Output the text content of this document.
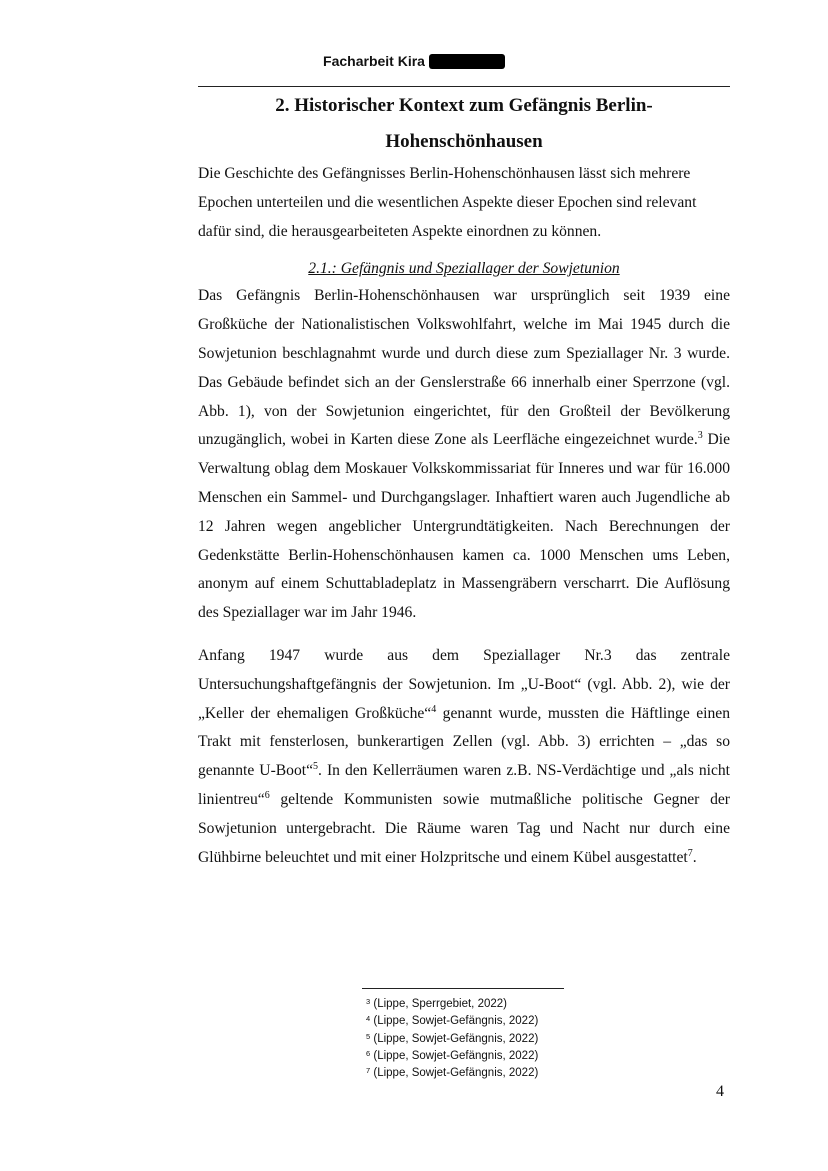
Facharbeit Kira
2. Historischer Kontext zum Gefängnis Berlin-
Hohenschönhausen

Die Geschichte des Gefängnisses Berlin-Hohenschönhausen lässt sich mehrere Epochen unterteilen und die wesentlichen Aspekte dieser Epochen sind relevant dafür sind, die herausgearbeiteten Aspekte einordnen zu können.

2.1.: Gefängnis und Speziallager der Sowjetunion

Das Gefängnis Berlin-Hohenschönhausen war ursprünglich seit 1939 eine Großküche der Nationalistischen Volkswohlfahrt, welche im Mai 1945 durch die Sowjetunion beschlagnahmt wurde und durch diese zum Speziallager Nr. 3 wurde. Das Gebäude befindet sich an der Genslerstraße 66 innerhalb einer Sperrzone (vgl. Abb. 1), von der Sowjetunion eingerichtet, für den Großteil der Bevölkerung unzugänglich, wobei in Karten diese Zone als Leerfläche eingezeichnet wurde.$^3$ Die Verwaltung oblag dem Moskauer Volkskommissariat für Inneres und war für 16.000 Menschen ein Sammel- und Durchgangslager. Inhaftiert waren auch Jugendliche ab 12 Jahren wegen angeblicher Untergrundtätigkeiten. Nach Berechnungen der Gedenkstätte Berlin-Hohenschönhausen kamen ca. 1000 Menschen ums Leben, anonym auf einem Schuttabladeplatz in Massengräbern verscharrt. Die Auflösung des Speziallager war im Jahr 1946.

Anfang 1947 wurde aus dem Speziallager Nr.3 das zentrale Untersuchungshaftgefängnis der Sowjetunion. Im „U-Boot“ (vgl. Abb. 2), wie der „Keller der ehemaligen Großküche“$^4$ genannt wurde, mussten die Häftlinge einen Trakt mit fensterlosen, bunkerartigen Zellen (vgl. Abb. 3) errichten – „das so genannte U-Boot“$^5$. In den Kellerräumen waren z.B. NS-Verdächtige und „als nicht linientreu“$^6$ geltende Kommunisten sowie mutmaßliche politische Gegner der Sowjetunion untergebracht. Die Räume waren Tag und Nacht nur durch eine Glühbirne beleuchtet und mit einer Holzpritsche und einem Kübel ausgestattet$^7$.

$^3$ (Lippe, Sperrgebiet, 2022)
$^4$ (Lippe, Sowjet-Gefängnis, 2022)
$^5$ (Lippe, Sowjet-Gefängnis, 2022)
$^6$ (Lippe, Sowjet-Gefängnis, 2022)
$^7$ (Lippe, Sowjet-Gefängnis, 2022)
4
